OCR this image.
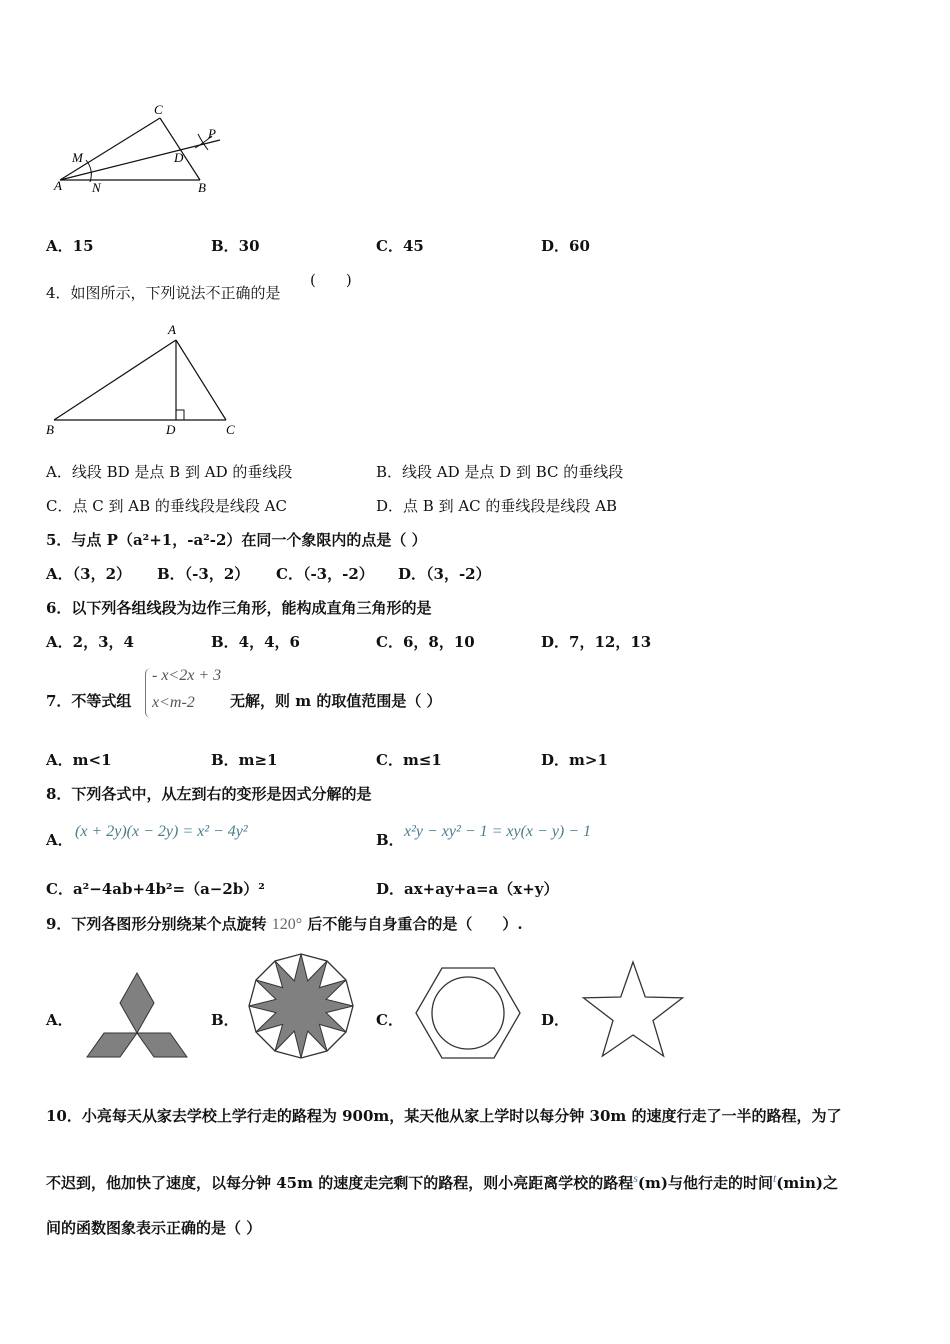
C
P
M	D
A N	B
A．15	B．30	C．45	D．60
4．如图所示，下列说法不正确的是
(　　)
A
B	D	C
A．线段 BD 是点 B 到 AD 的垂线段	B．线段 AD 是点 D 到 BC 的垂线段
C．点 C 到 AB 的垂线段是线段 AC	D．点 B 到 AC 的垂线段是线段 AB
5．与点 P（a²+1，-a²-2）在同一个象限内的点是（ ）
A．（3，2） B．（-3，2） C．（-3，-2） D．（3，-2）
6．以下列各组线段为边作三角形，能构成直角三角形的是
A．2，3，4	B．4，4，6	C．6，8，10	D．7，12，13
7．不等式组
- x<2x + 3
x<m-2 无解，则 m 的取值范围是（ ）
A．m<1	B．m≥1	C．m≤1	D．m>1
8．下列各式中，从左到右的变形是因式分解的是
A． (x + 2y)(x − 2y) = x² − 4y²	B． x²y − xy² − 1 = xy(x − y) − 1
C．a²−4ab+4b²=（a−2b）²	D．ax+ay+a=a（x+y）
9．下列各图形分别绕某个点旋转 120° 后不能与自身重合的是（　　）.
A．	B．	C．	D．
10．小亮每天从家去学校上学行走的路程为 900m，某天他从家上学时以每分钟 30m 的速度行走了一半的路程，为了
不迟到，他加快了速度，以每分钟 45m 的速度走完剩下的路程，则小亮距离学校的路程$^s$(m)与他行走的时间$^t$(min)之
间的函数图象表示正确的是（ ）
